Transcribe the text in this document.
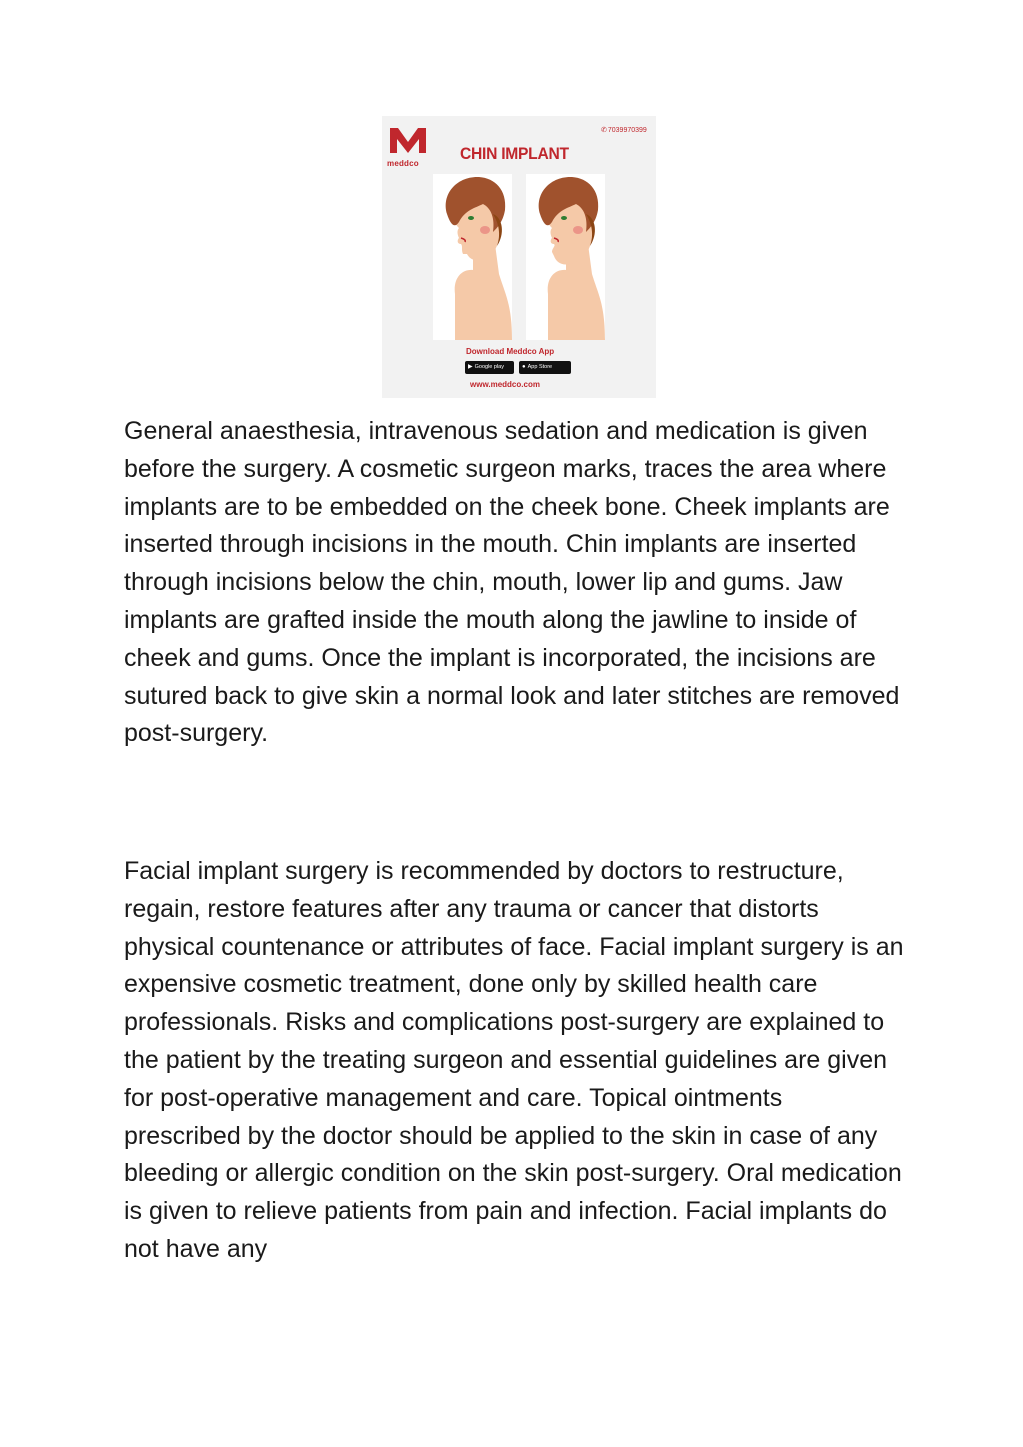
meddco
✆7039970399
CHIN IMPLANT
Download Meddco App
▶ Google play	● App Store
www.meddco.com

General anaesthesia, intravenous sedation and medication is given before the surgery. A cosmetic surgeon marks, traces the area where implants are to be embedded on the cheek bone. Cheek implants are inserted through incisions in the mouth. Chin implants are inserted through incisions below the chin, mouth, lower lip and gums. Jaw implants are grafted inside the mouth along the jawline to inside of cheek and gums. Once the implant is incorporated, the incisions are sutured back to give skin a normal look and later stitches are removed post-surgery.

Facial implant surgery is recommended by doctors to restructure, regain, restore features after any trauma or cancer that distorts physical countenance or attributes of face. Facial implant surgery is an expensive cosmetic treatment, done only by skilled health care professionals. Risks and complications post-surgery are explained to the patient by the treating surgeon and essential guidelines are given for post-operative management and care. Topical ointments prescribed by the doctor should be applied to the skin in case of any bleeding or allergic condition on the skin post-surgery. Oral medication is given to relieve patients from pain and infection. Facial implants do not have any
